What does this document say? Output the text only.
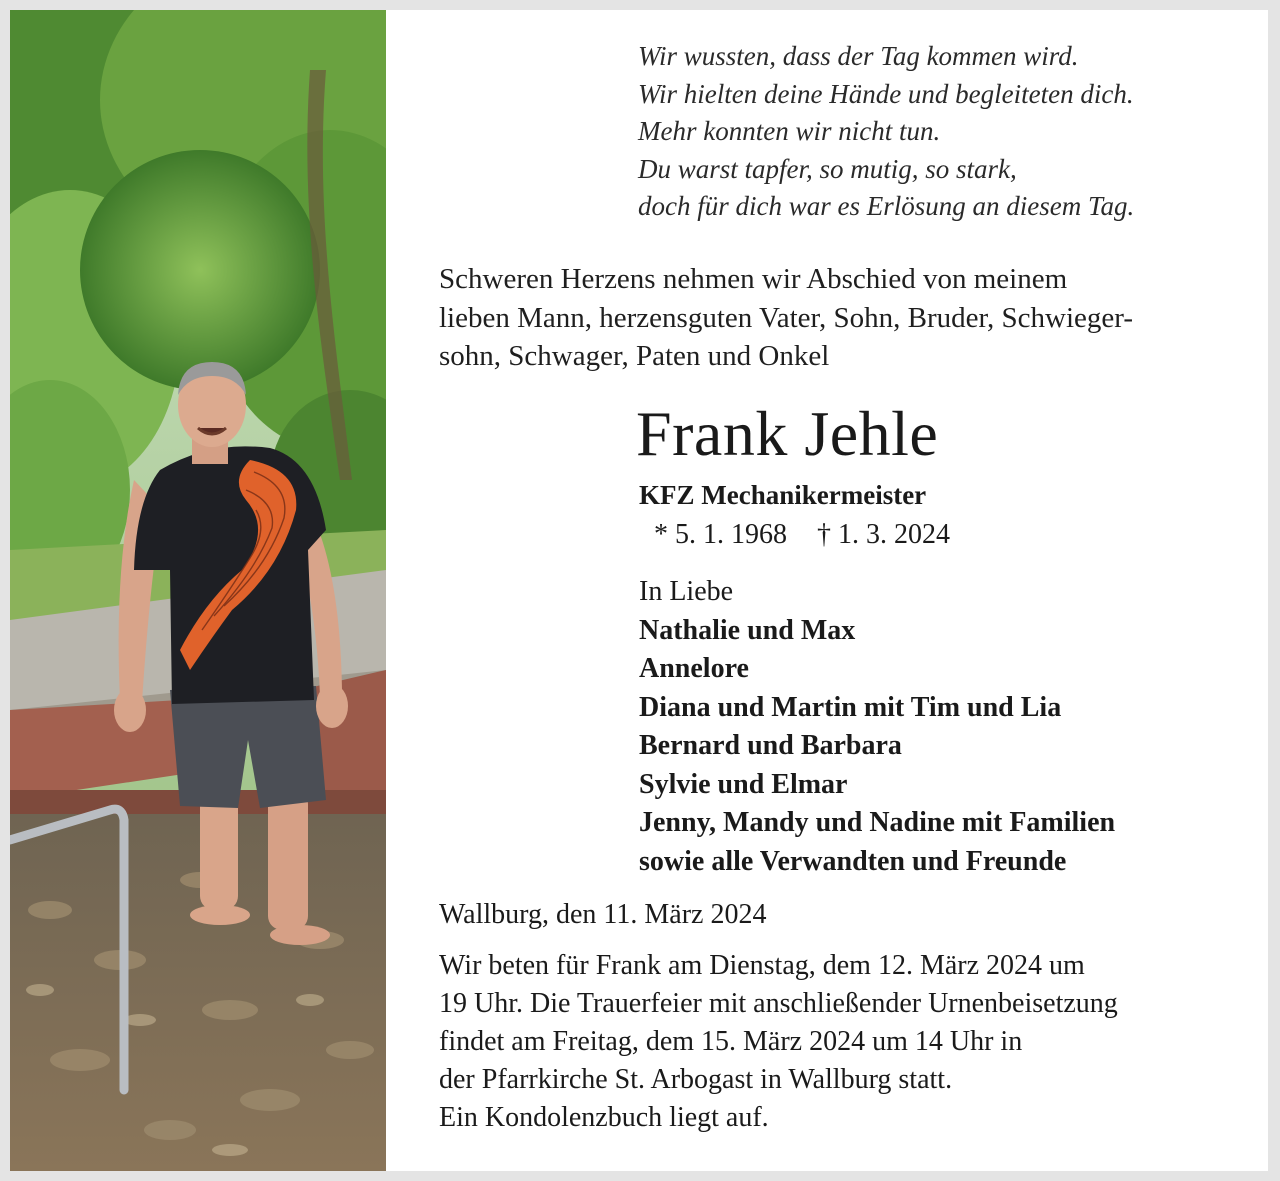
Wir wussten, dass der Tag kommen wird.
Wir hielten deine Hände und begleiteten dich.
Mehr konnten wir nicht tun.
Du warst tapfer, so mutig, so stark,
doch für dich war es Erlösung an diesem Tag.
Schweren Herzens nehmen wir Abschied von meinem
lieben Mann, herzensguten Vater, Sohn, Bruder, Schwieger-
sohn, Schwager, Paten und Onkel
Frank Jehle
KFZ Mechanikermeister
* 5. 1. 1968 † 1. 3. 2024
In Liebe
Nathalie und Max
Annelore
Diana und Martin mit Tim und Lia
Bernard und Barbara
Sylvie und Elmar
Jenny, Mandy und Nadine mit Familien
sowie alle Verwandten und Freunde
Wallburg, den 11. März 2024
Wir beten für Frank am Dienstag, dem 12. März 2024 um
19 Uhr. Die Trauerfeier mit anschließender Urnenbeisetzung
findet am Freitag, dem 15. März 2024 um 14 Uhr in
der Pfarrkirche St. Arbogast in Wallburg statt.
Ein Kondolenzbuch liegt auf.
